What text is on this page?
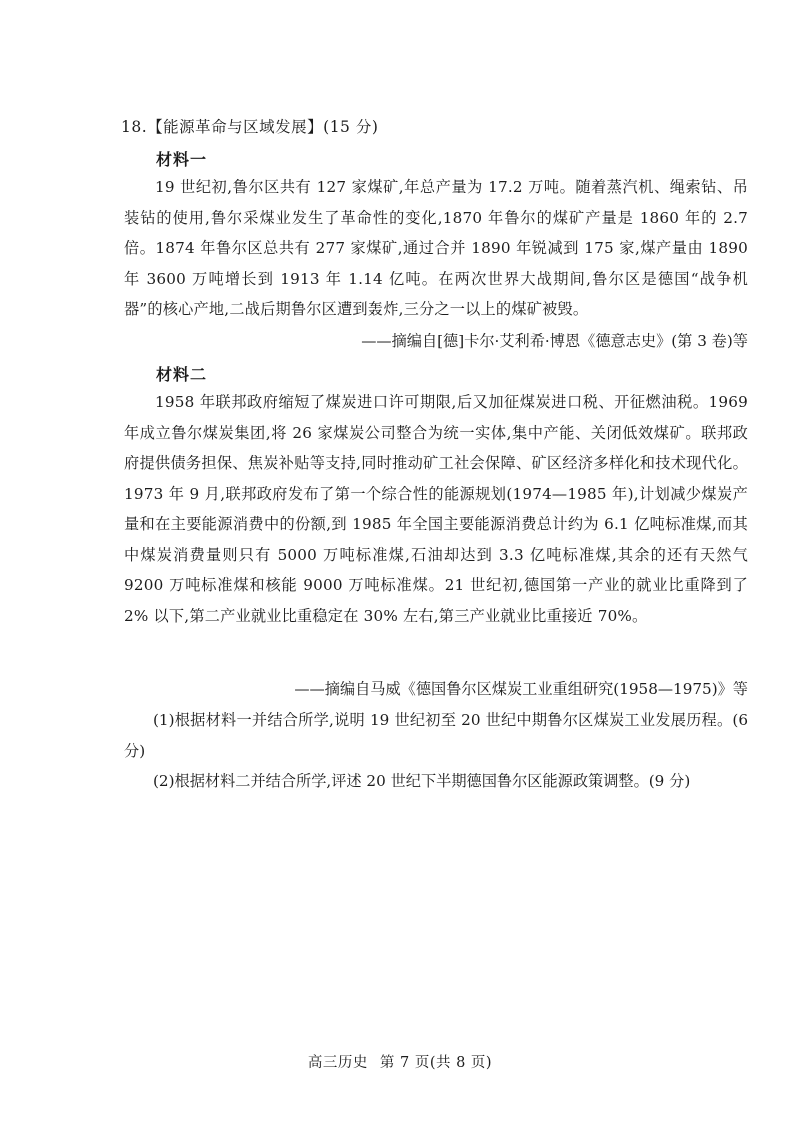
18.【能源革命与区域发展】(15 分)
材料一

19 世纪初,鲁尔区共有 127 家煤矿,年总产量为 17.2 万吨。随着蒸汽机、绳索钻、吊装钻的使用,鲁尔采煤业发生了革命性的变化,1870 年鲁尔的煤矿产量是 1860 年的 2.7 倍。1874 年鲁尔区总共有 277 家煤矿,通过合并 1890 年锐减到 175 家,煤产量由 1890 年 3600 万吨增长到 1913 年 1.14 亿吨。在两次世界大战期间,鲁尔区是德国“战争机器”的核心产地,二战后期鲁尔区遭到轰炸,三分之一以上的煤矿被毁。

——摘编自[德]卡尔·艾利希·博恩《德意志史》(第 3 卷)等
材料二

1958 年联邦政府缩短了煤炭进口许可期限,后又加征煤炭进口税、开征燃油税。1969 年成立鲁尔煤炭集团,将 26 家煤炭公司整合为统一实体,集中产能、关闭低效煤矿。联邦政府提供债务担保、焦炭补贴等支持,同时推动矿工社会保障、矿区经济多样化和技术现代化。1973 年 9 月,联邦政府发布了第一个综合性的能源规划(1974—1985 年),计划减少煤炭产量和在主要能源消费中的份额,到 1985 年全国主要能源消费总计约为 6.1 亿吨标准煤,而其中煤炭消费量则只有 5000 万吨标准煤,石油却达到 3.3 亿吨标准煤,其余的还有天然气 9200 万吨标准煤和核能 9000 万吨标准煤。21 世纪初,德国第一产业的就业比重降到了 2% 以下,第二产业就业比重稳定在 30% 左右,第三产业就业比重接近 70%。

——摘编自马威《德国鲁尔区煤炭工业重组研究(1958—1975)》等

(1)根据材料一并结合所学,说明 19 世纪初至 20 世纪中期鲁尔区煤炭工业发展历程。(6 分)

(2)根据材料二并结合所学,评述 20 世纪下半期德国鲁尔区能源政策调整。(9 分)

高三历史 第 7 页(共 8 页)
